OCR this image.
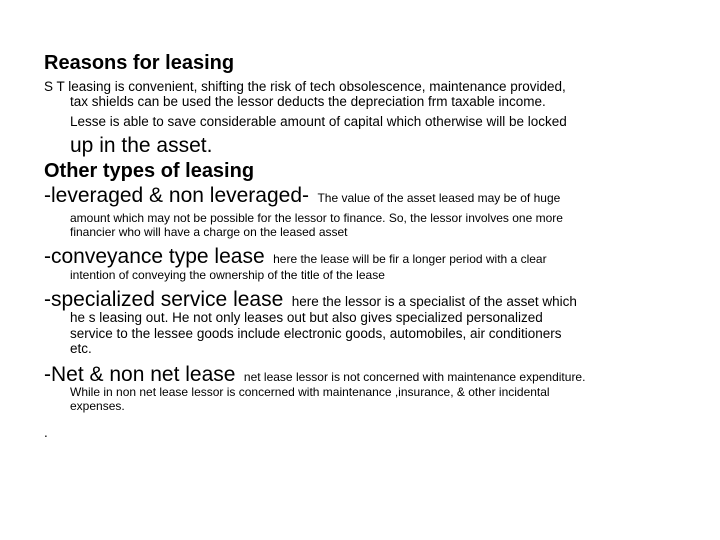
Reasons for leasing
S T leasing is convenient, shifting the risk of tech obsolescence, maintenance provided,
tax shields can be used the lessor deducts the depreciation frm taxable income.
Lesse is able to save considerable amount of capital which otherwise will be locked
up in the asset.
Other types of leasing
-leveraged & non leveraged- The value of the asset leased may be of huge
amount which may not be possible for the lessor to finance. So, the lessor involves one more
financier who will have a charge on the leased asset
-conveyance type lease here the lease will be fir a longer period with a clear
intention of conveying the ownership of the title of the lease
-specialized service lease here the lessor is a specialist of the asset which
he s leasing out. He not only leases out but also gives specialized personalized
service to the lessee goods include electronic goods, automobiles, air conditioners
etc.
-Net & non net lease net lease lessor is not concerned with maintenance expenditure.
While in non net lease lessor is concerned with maintenance ,insurance, & other incidental
expenses.
.
